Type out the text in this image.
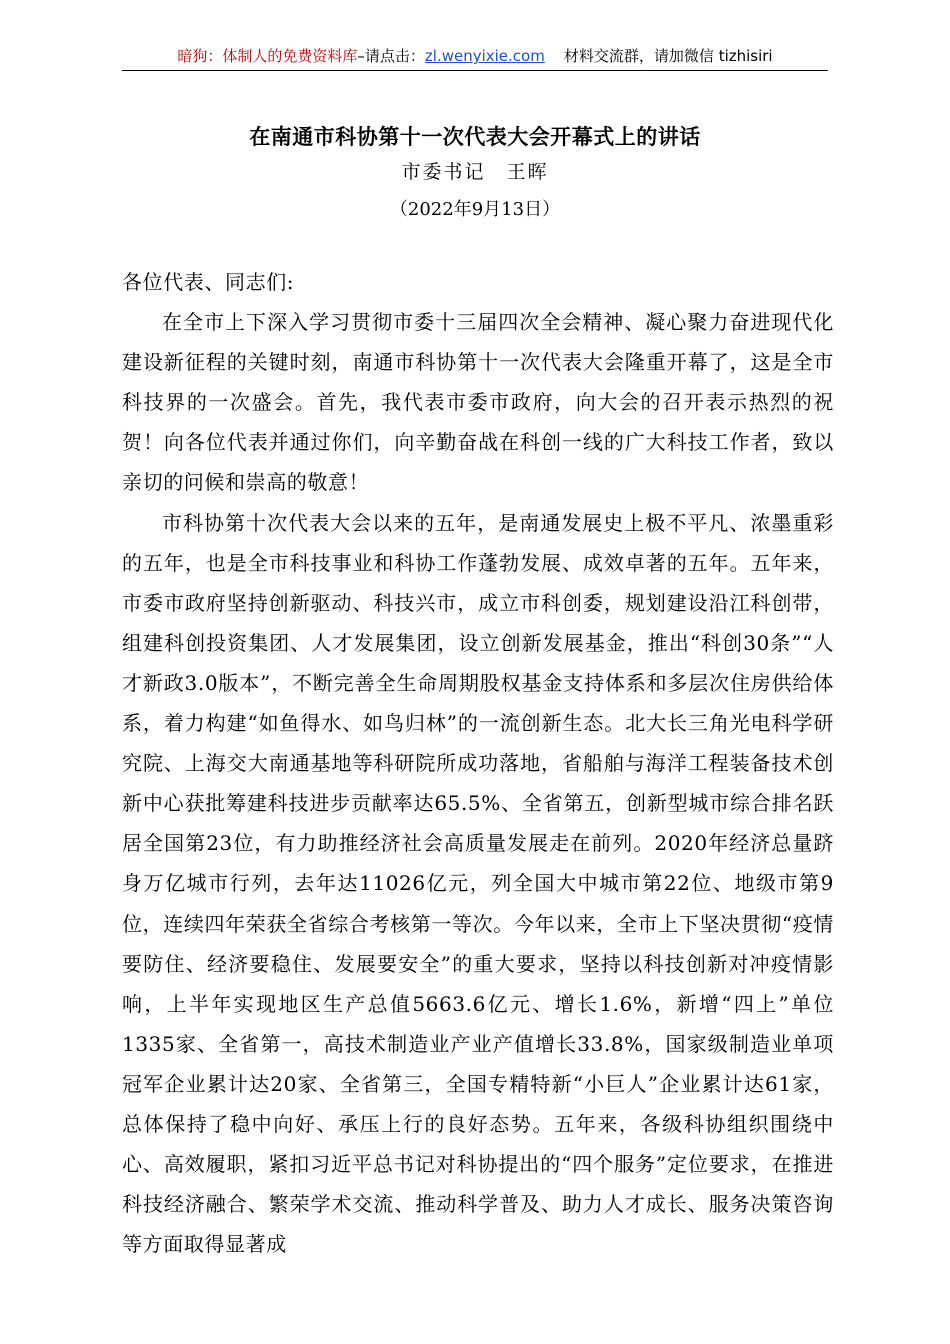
暗狗：体制人的免费资料库–请点击：zl.wenyixie.com 材料交流群，请加微信 tizhisiri
在南通市科协第十一次代表大会开幕式上的讲话
市委书记　王晖
（2022年9月13日）

各位代表、同志们:

在全市上下深入学习贯彻市委十三届四次全会精神、凝心聚力奋进现代化建设新征程的关键时刻，南通市科协第十一次代表大会隆重开幕了，这是全市科技界的一次盛会。首先，我代表市委市政府，向大会的召开表示热烈的祝贺！向各位代表并通过你们，向辛勤奋战在科创一线的广大科技工作者，致以亲切的问候和崇高的敬意！

市科协第十次代表大会以来的五年，是南通发展史上极不平凡、浓墨重彩的五年，也是全市科技事业和科协工作蓬勃发展、成效卓著的五年。五年来，市委市政府坚持创新驱动、科技兴市，成立市科创委，规划建设沿江科创带，组建科创投资集团、人才发展集团，设立创新发展基金，推出“科创30条”“人才新政3.0版本”，不断完善全生命周期股权基金支持体系和多层次住房供给体系，着力构建“如鱼得水、如鸟归林”的一流创新生态。北大长三角光电科学研究院、上海交大南通基地等科研院所成功落地，省船舶与海洋工程装备技术创新中心获批筹建科技进步贡献率达65.5%、全省第五，创新型城市综合排名跃居全国第23位，有力助推经济社会高质量发展走在前列。2020年经济总量跻身万亿城市行列，去年达11026亿元，列全国大中城市第22位、地级市第9位，连续四年荣获全省综合考核第一等次。今年以来，全市上下坚决贯彻“疫情要防住、经济要稳住、发展要安全”的重大要求，坚持以科技创新对冲疫情影响，上半年实现地区生产总值5663.6亿元、增长1.6%，新增“四上”单位1335家、全省第一，高技术制造业产业产值增长33.8%，国家级制造业单项冠军企业累计达20家、全省第三，全国专精特新“小巨人”企业累计达61家，总体保持了稳中向好、承压上行的良好态势。五年来，各级科协组织围绕中心、高效履职，紧扣习近平总书记对科协提出的“四个服务”定位要求，在推进科技经济融合、繁荣学术交流、推动科学普及、助力人才成长、服务决策咨询等方面取得显著成
